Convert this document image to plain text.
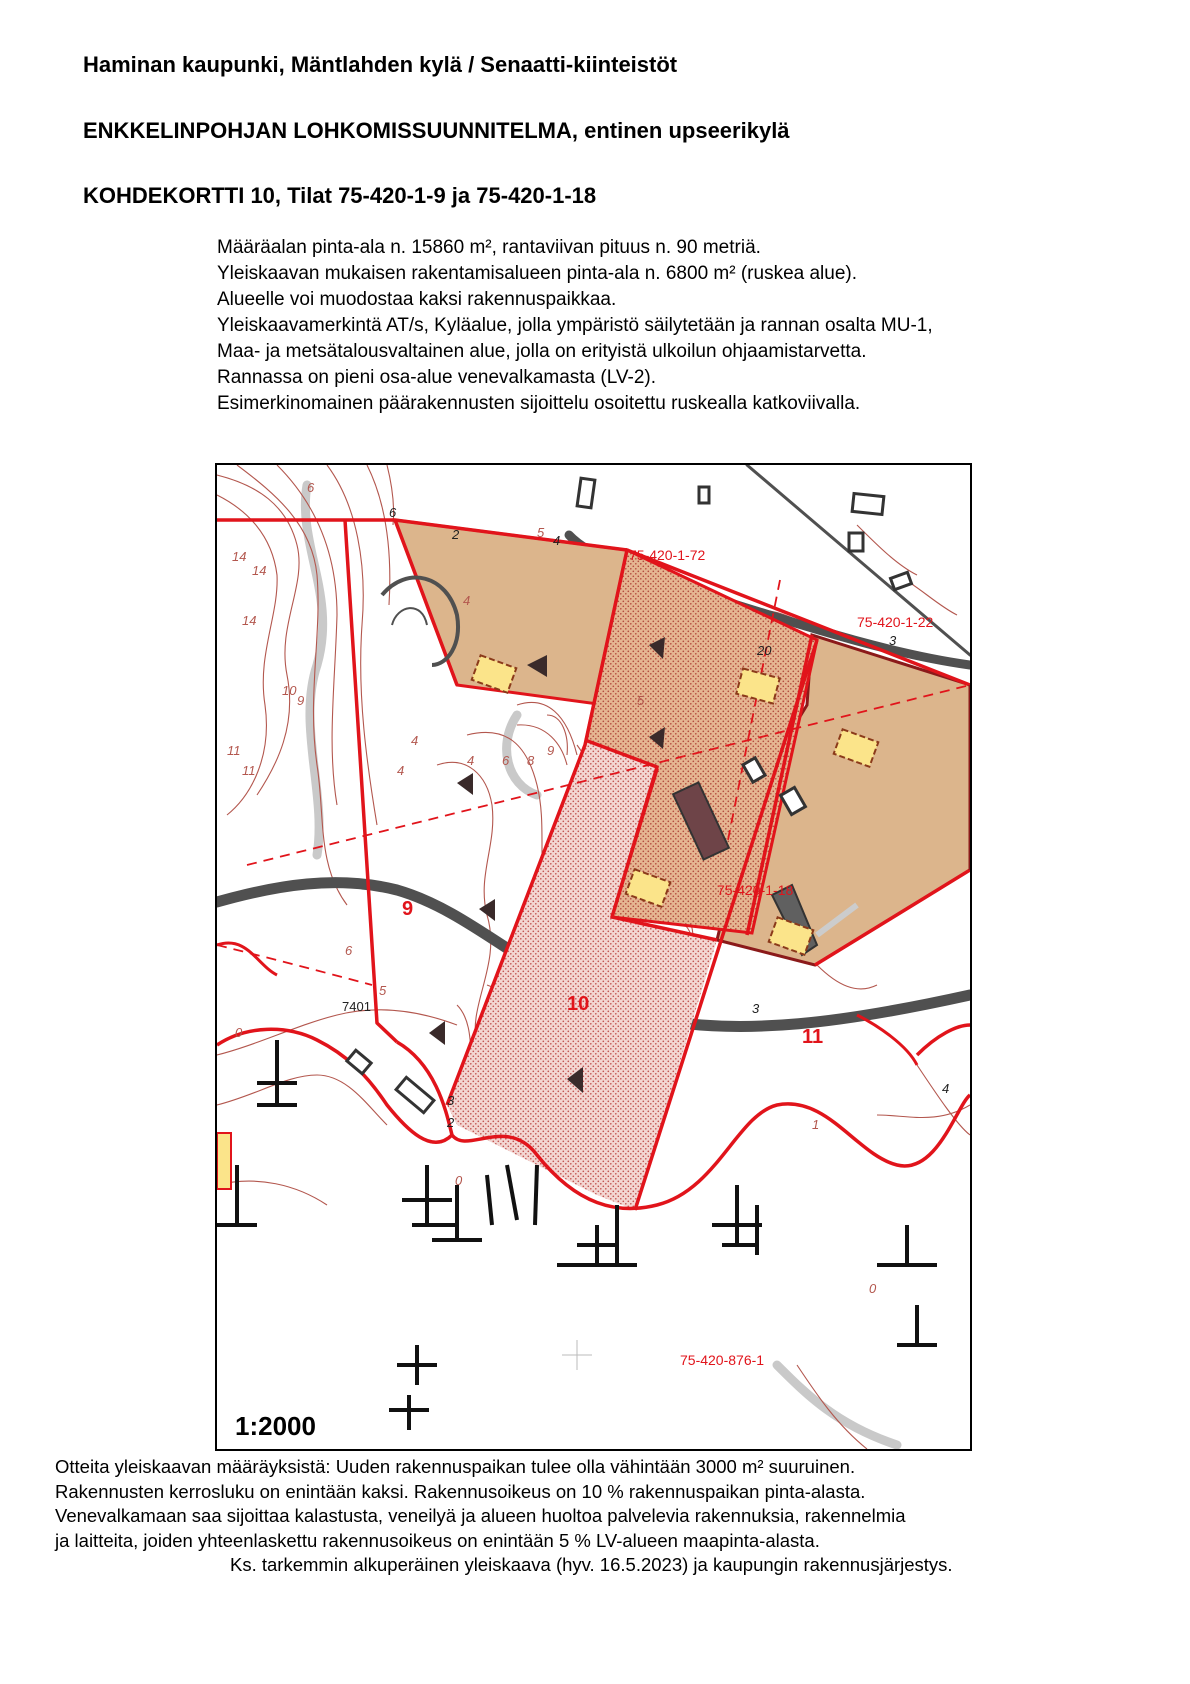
Haminan kaupunki, Mäntlahden kylä / Senaatti-kiinteistöt
ENKKELINPOHJAN LOHKOMISSUUNNITELMA, entinen upseerikylä
KOHDEKORTTI 10, Tilat 75-420-1-9 ja 75-420-1-18
Määräalan pinta-ala n. 15860 m², rantaviivan pituus n. 90 metriä.
Yleiskaavan mukaisen rakentamisalueen pinta-ala n. 6800 m² (ruskea alue).
Alueelle voi muodostaa kaksi rakennuspaikkaa.
Yleiskaavamerkintä AT/s, Kyläalue, jolla ympäristö säilytetään ja rannan osalta MU-1,
Maa- ja metsätalousvaltainen alue, jolla on erityistä ulkoilun ohjaamistarvetta.
Rannassa on pieni osa-alue venevalkamasta (LV-2).
Esimerkinomainen päärakennusten sijoittelu osoitettu ruskealla katkoviivalla.
6
6
2	5
4
14
14
14
3
20
4
5
4
8
9
6
10
9
11
11	4
4
3
2
0
0
1
3
4
0
5
6
75-420-1-72
75-420-1-22
75-420-1-18
75-420-876-1
9
10
11
7401
1:2000
Otteita yleiskaavan määräyksistä: Uuden rakennuspaikan tulee olla vähintään 3000 m² suuruinen.
Rakennusten kerrosluku on enintään kaksi. Rakennusoikeus on 10 % rakennuspaikan pinta-alasta.
Venevalkamaan saa sijoittaa kalastusta, veneilyä ja alueen huoltoa palvelevia rakennuksia, rakennelmia
ja laitteita, joiden yhteenlaskettu rakennusoikeus on enintään 5 % LV-alueen maapinta-alasta.
Ks. tarkemmin alkuperäinen yleiskaava (hyv. 16.5.2023) ja kaupungin rakennusjärjestys.
